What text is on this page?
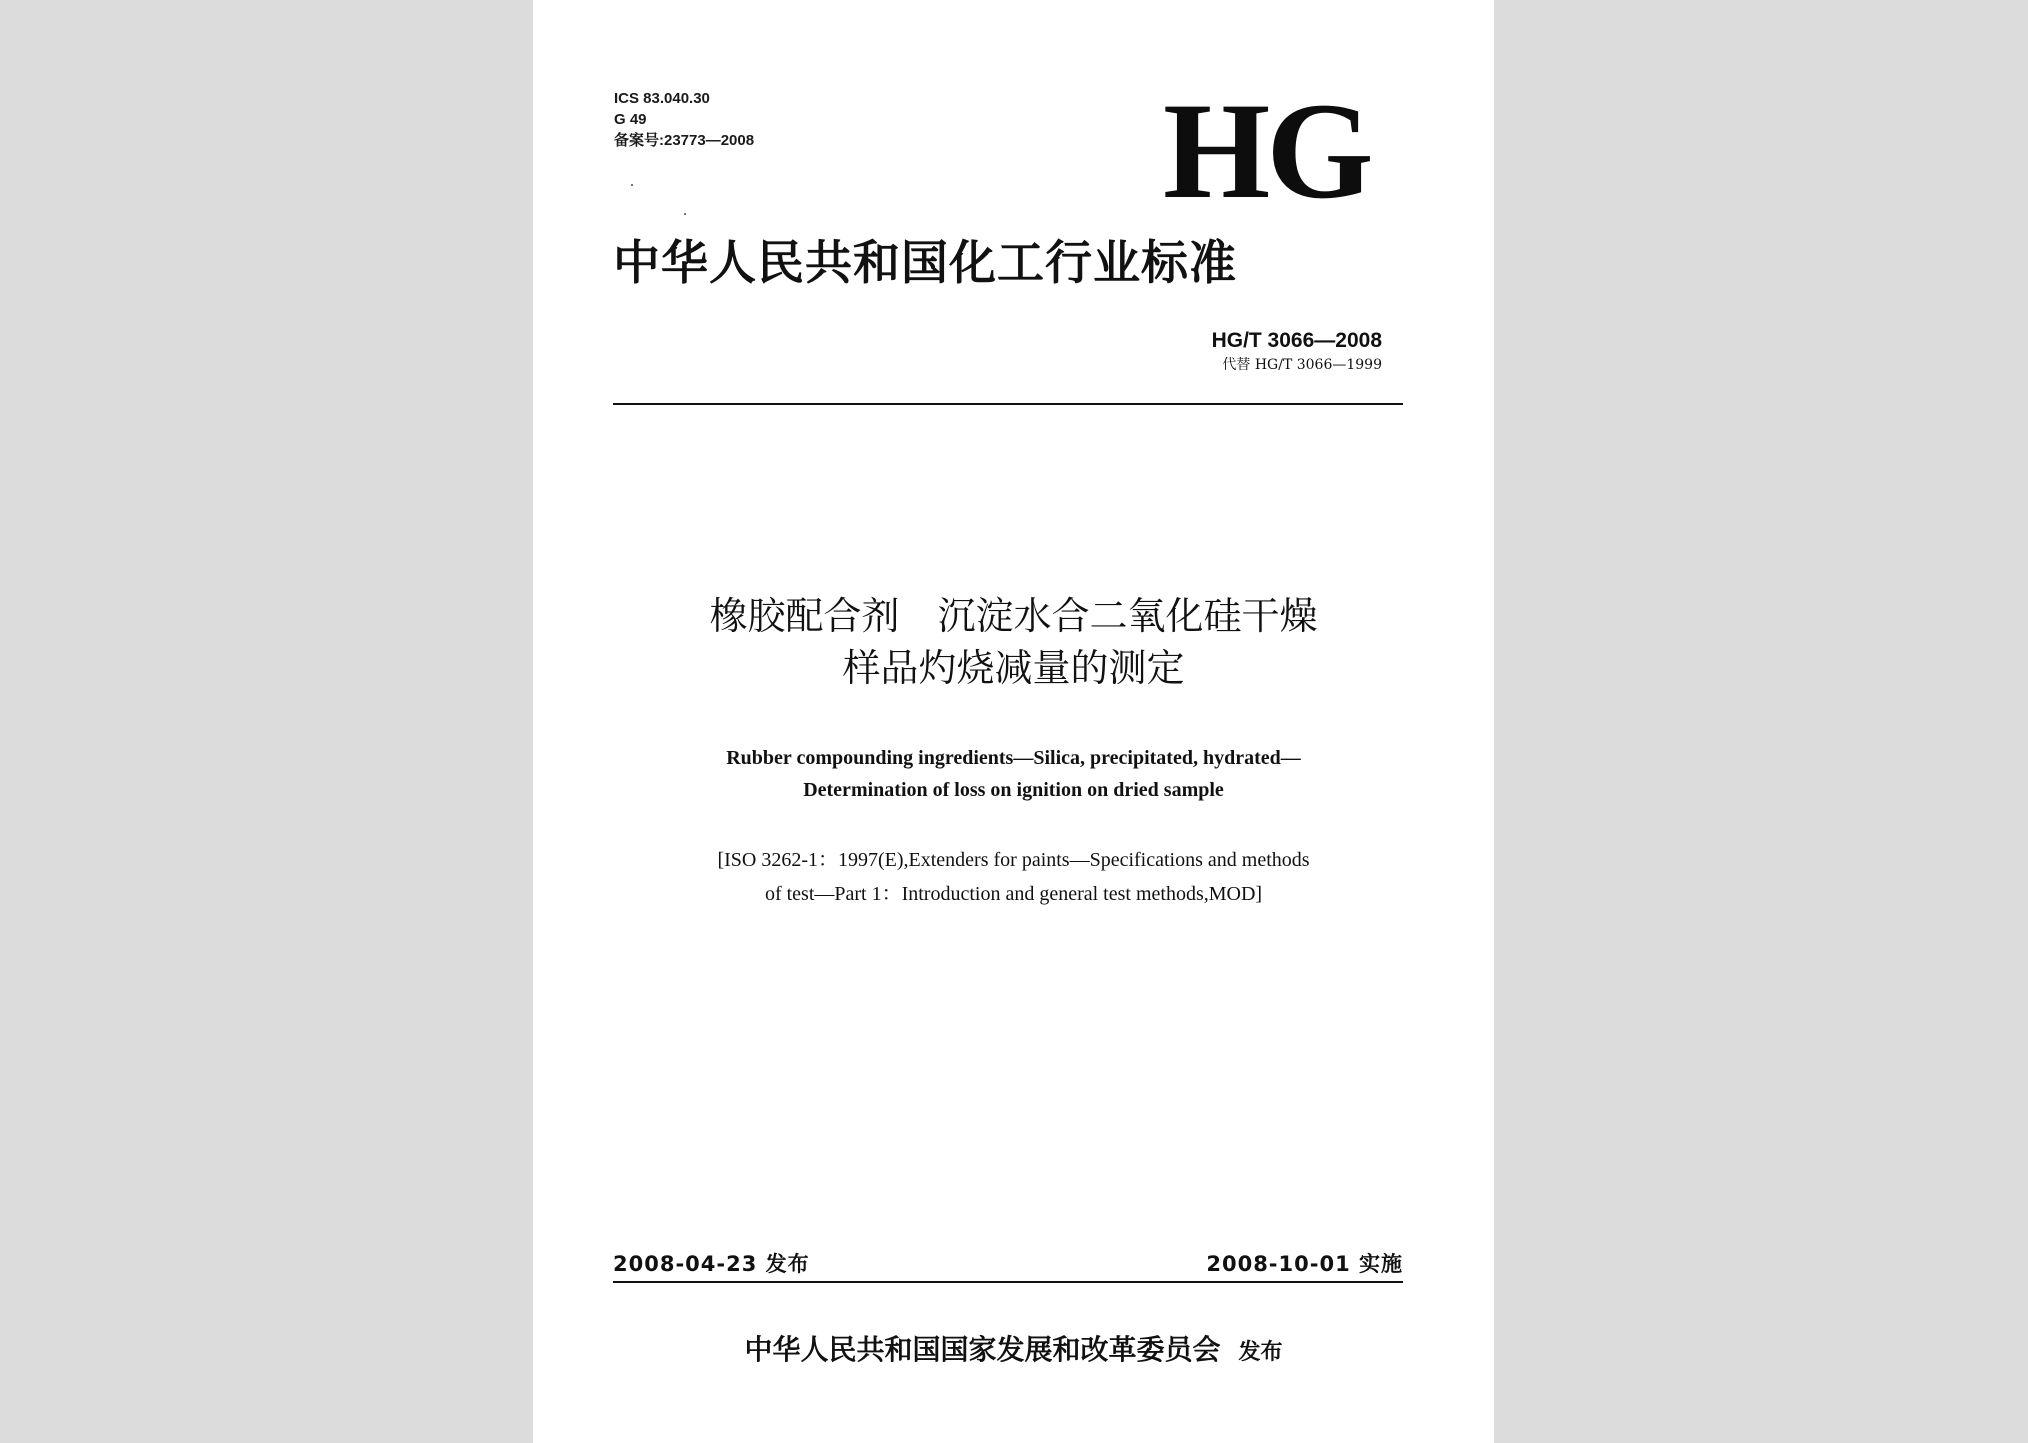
ICS 83.040.30
G 49
备案号:23773—2008	HG
中华人民共和国化工行业标准
HG/T 3066—2008
代替 HG/T 3066—1999
橡胶配合剂　沉淀水合二氧化硅干燥
样品灼烧减量的测定
Rubber compounding ingredients—Silica, precipitated, hydrated—
Determination of loss on ignition on dried sample
[ISO 3262-1：1997(E),Extenders for paints—Specifications and methods
of test—Part 1：Introduction and general test methods,MOD]
2008-04-23 发布	2008-10-01 实施
中华人民共和国国家发展和改革委员会 发布
